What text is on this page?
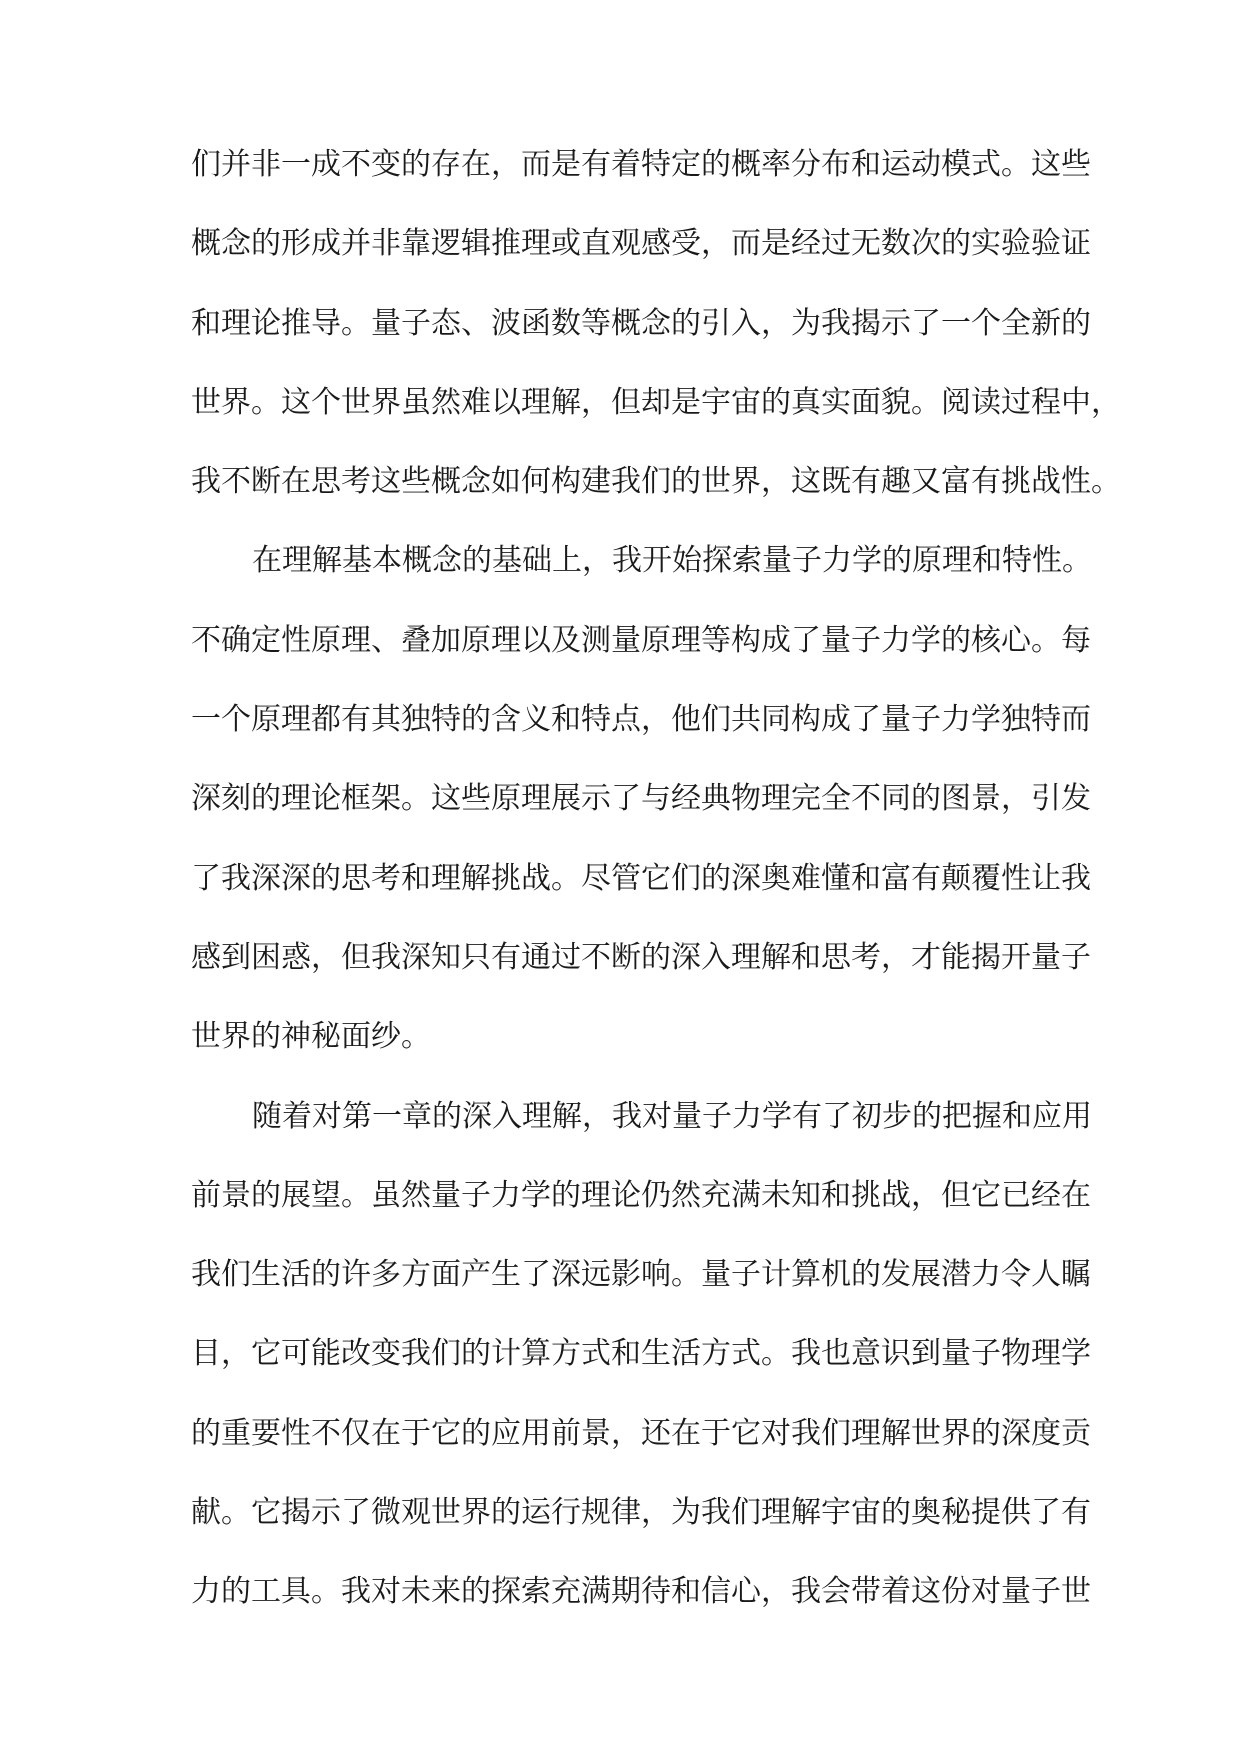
们并非一成不变的存在，而是有着特定的概率分布和运动模式。这些
概念的形成并非靠逻辑推理或直观感受，而是经过无数次的实验验证
和理论推导。量子态、波函数等概念的引入，为我揭示了一个全新的
世界。这个世界虽然难以理解，但却是宇宙的真实面貌。阅读过程中，
我不断在思考这些概念如何构建我们的世界，这既有趣又富有挑战性。
在理解基本概念的基础上，我开始探索量子力学的原理和特性。
不确定性原理、叠加原理以及测量原理等构成了量子力学的核心。每
一个原理都有其独特的含义和特点，他们共同构成了量子力学独特而
深刻的理论框架。这些原理展示了与经典物理完全不同的图景，引发
了我深深的思考和理解挑战。尽管它们的深奥难懂和富有颠覆性让我
感到困惑，但我深知只有通过不断的深入理解和思考，才能揭开量子
世界的神秘面纱。
随着对第一章的深入理解，我对量子力学有了初步的把握和应用
前景的展望。虽然量子力学的理论仍然充满未知和挑战，但它已经在
我们生活的许多方面产生了深远影响。量子计算机的发展潜力令人瞩
目，它可能改变我们的计算方式和生活方式。我也意识到量子物理学
的重要性不仅在于它的应用前景，还在于它对我们理解世界的深度贡
献。它揭示了微观世界的运行规律，为我们理解宇宙的奥秘提供了有
力的工具。我对未来的探索充满期待和信心，我会带着这份对量子世
